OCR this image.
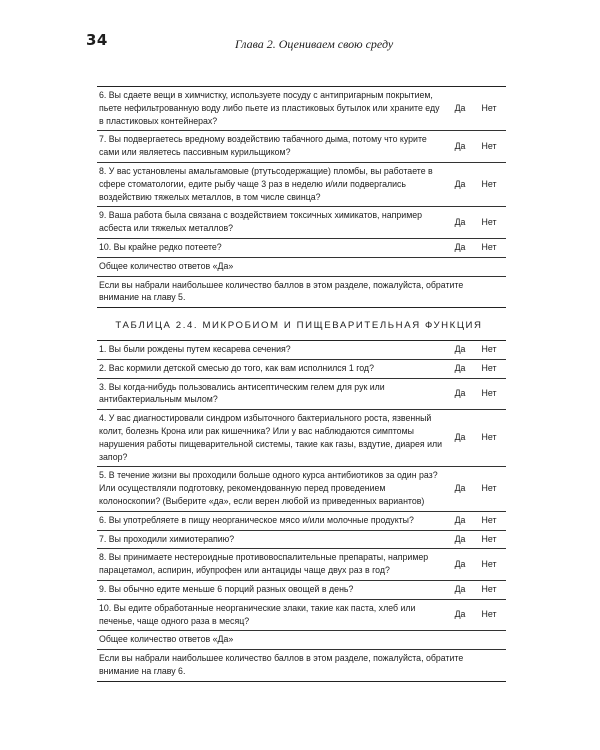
34	Глава 2. Оцениваем свою среду
6. Вы сдаете вещи в химчистку, используете посуду с антипригарным покрытием, пьете нефильтрованную воду либо пьете из пластиковых бутылок или храните еду в пластиковых контейнерах?	Да	Нет
7. Вы подвергаетесь вредному воздействию табачного дыма, потому что курите сами или являетесь пассивным курильщиком?	Да	Нет
8. У вас установлены амальгамовые (ртутьсодержащие) пломбы, вы работаете в сфере стоматологии, едите рыбу чаще 3 раз в неделю и/или подвергались воздействию тяжелых металлов, в том числе свинца?	Да	Нет
9. Ваша работа была связана с воздействием токсичных химикатов, например асбеста или тяжелых металлов?	Да	Нет
10. Вы крайне редко потеете?	Да	Нет
Общее количество ответов «Да»		
Если вы набрали наибольшее количество баллов в этом разделе, пожалуйста, обратите внимание на главу 5.		
ТАБЛИЦА 2.4. МИКРОБИОМ И ПИЩЕВАРИТЕЛЬНАЯ ФУНКЦИЯ
1. Вы были рождены путем кесарева сечения?	Да	Нет
2. Вас кормили детской смесью до того, как вам исполнился 1 год?	Да	Нет
3. Вы когда-нибудь пользовались антисептическим гелем для рук или антибактериальным мылом?	Да	Нет
4. У вас диагностировали синдром избыточного бактериального роста, язвенный колит, болезнь Крона или рак кишечника? Или у вас наблюдаются симптомы нарушения работы пищеварительной системы, такие как газы, вздутие, диарея или запор?	Да	Нет
5. В течение жизни вы проходили больше одного курса антибиотиков за один раз? Или осуществляли подготовку, рекомендованную перед проведением колоноскопии? (Выберите «да», если верен любой из приведенных вариантов)	Да	Нет
6. Вы употребляете в пищу неорганическое мясо и/или молочные продукты?	Да	Нет
7. Вы проходили химиотерапию?	Да	Нет
8. Вы принимаете нестероидные противовоспалительные препараты, например парацетамол, аспирин, ибупрофен или антациды чаще двух раз в год?	Да	Нет
9. Вы обычно едите меньше 6 порций разных овощей в день?	Да	Нет
10. Вы едите обработанные неорганические злаки, такие как паста, хлеб или печенье, чаще одного раза в месяц?	Да	Нет
Общее количество ответов «Да»		
Если вы набрали наибольшее количество баллов в этом разделе, пожалуйста, обратите внимание на главу 6.		
